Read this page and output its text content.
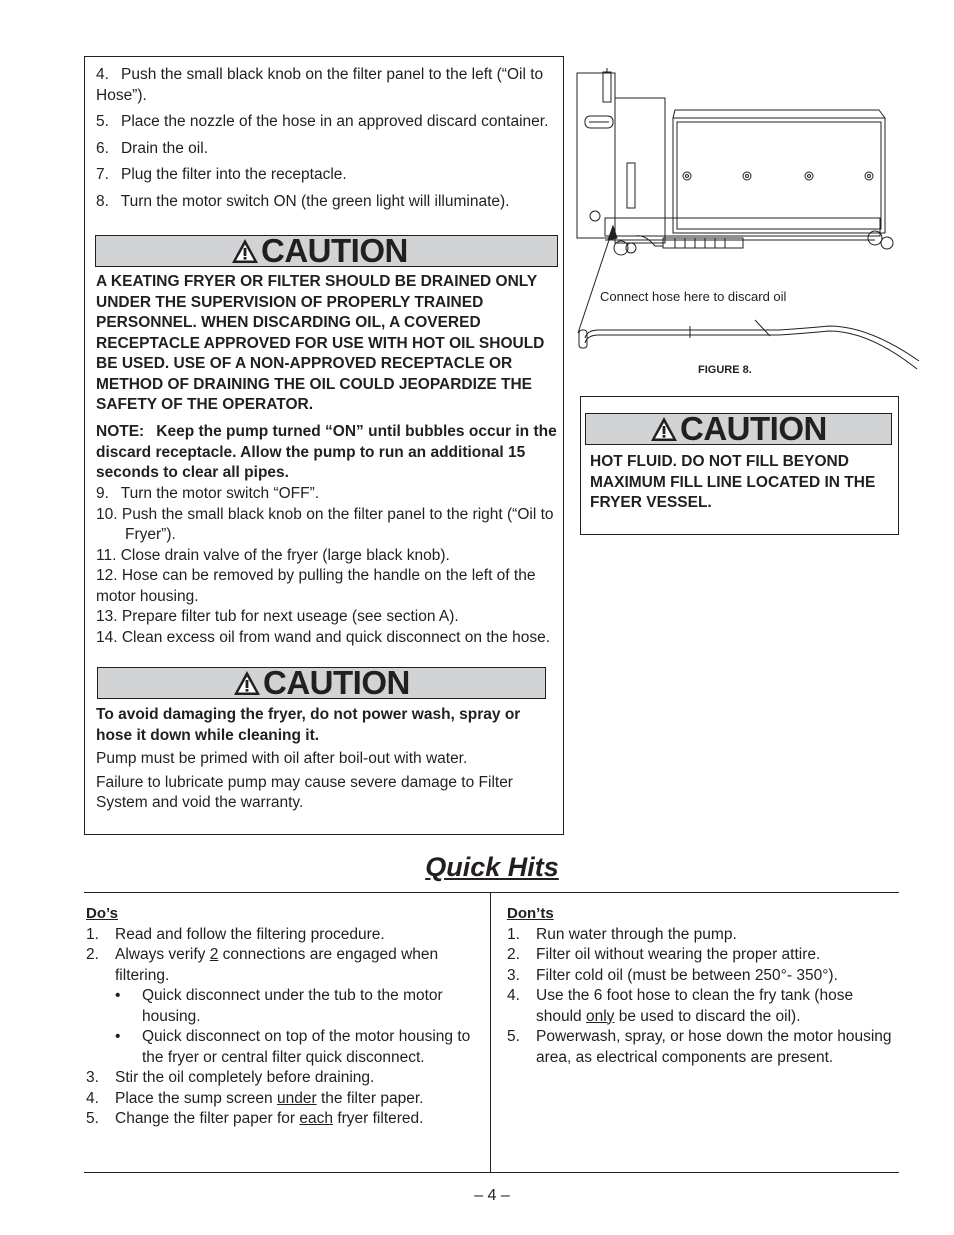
4.  Push the small black knob on the filter panel to the left (“Oil to Hose”).
5.  Place the nozzle of the hose in an approved discard container.
6.  Drain the oil.
7.  Plug the filter into the receptacle.
8.  Turn the motor switch ON (the green light will illuminate).
CAUTION
A KEATING FRYER OR FILTER SHOULD BE DRAINED ONLY UNDER THE SUPERVISION OF PROPERLY TRAINED PERSONNEL. WHEN DISCARDING OIL, A COVERED RECEPTACLE APPROVED FOR USE WITH HOT OIL SHOULD BE USED. USE OF A NON-APPROVED RECEPTACLE OR METHOD OF DRAINING THE OIL COULD JEOPARDIZE THE SAFETY OF THE OPERATOR.
NOTE:  Keep the pump turned “ON” until bubbles occur in the discard receptacle. Allow the pump to run an additional 15 seconds to clear all pipes.
9.  Turn the motor switch “OFF”.
10. Push the small black knob on the filter panel to the right (“Oil to Fryer”).
11. Close drain valve of the fryer (large black knob).
12. Hose can be removed by pulling the handle on the left of the motor housing.
13. Prepare filter tub for next useage (see section A).
14. Clean excess oil from wand and quick disconnect on the hose.
CAUTION
To avoid damaging the fryer, do not power wash, spray or hose it down while cleaning it.
Pump must be primed with oil after boil-out with water.
Failure to lubricate pump may cause severe damage to Filter System and void the warranty.
Connect hose here to discard oil
FIGURE 8.
CAUTION
HOT FLUID. DO NOT FILL BEYOND MAXIMUM FILL LINE LOCATED IN THE FRYER VESSEL.
Quick Hits
Do’s
1. Read and follow the filtering procedure.
2. Always verify 2 connections are engaged when filtering.
• Quick disconnect under the tub to the motor housing.
• Quick disconnect on top of the motor housing to the fryer or central filter quick disconnect.
3. Stir the oil completely before draining.
4. Place the sump screen under the filter paper.
5. Change the filter paper for each fryer filtered.
Don’ts
1. Run water through the pump.
2. Filter oil without wearing the proper attire.
3. Filter cold oil (must be between 250°- 350°).
4. Use the 6 foot hose to clean the fry tank (hose should only be used to discard the oil).
5. Powerwash, spray, or hose down the motor housing area, as electrical components are present.
– 4 –
